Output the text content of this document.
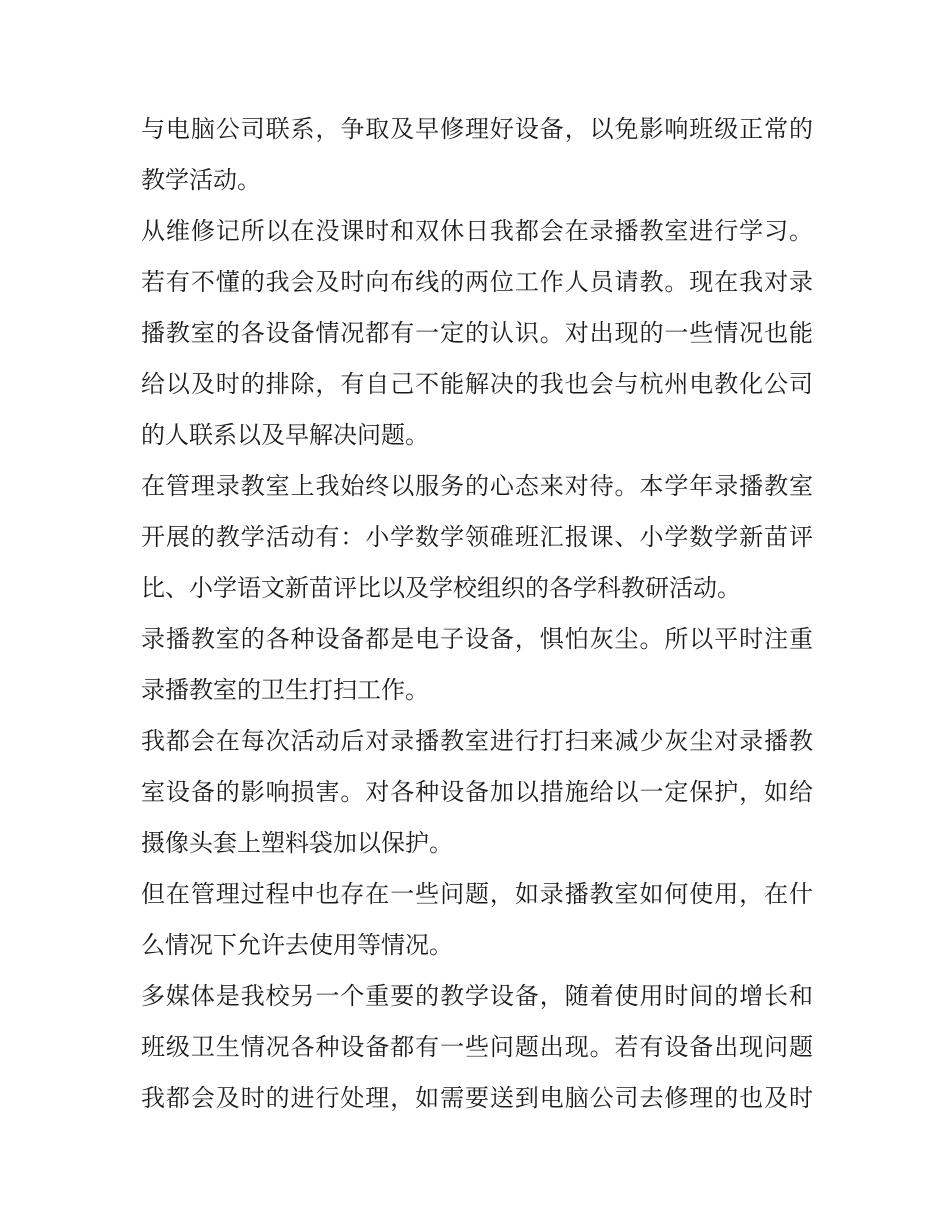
与电脑公司联系，争取及早修理好设备，以免影响班级正常的
教学活动。
从维修记所以在没课时和双休日我都会在录播教室进行学习。
若有不懂的我会及时向布线的两位工作人员请教。现在我对录
播教室的各设备情况都有一定的认识。对出现的一些情况也能
给以及时的排除，有自己不能解决的我也会与杭州电教化公司
的人联系以及早解决问题。
在管理录教室上我始终以服务的心态来对待。本学年录播教室
开展的教学活动有：小学数学领碓班汇报课、小学数学新苗评
比、小学语文新苗评比以及学校组织的各学科教研活动。
录播教室的各种设备都是电子设备，惧怕灰尘。所以平时注重
录播教室的卫生打扫工作。
我都会在每次活动后对录播教室进行打扫来减少灰尘对录播教
室设备的影响损害。对各种设备加以措施给以一定保护，如给
摄像头套上塑料袋加以保护。
但在管理过程中也存在一些问题，如录播教室如何使用，在什
么情况下允许去使用等情况。
多媒体是我校另一个重要的教学设备，随着使用时间的增长和
班级卫生情况各种设备都有一些问题出现。若有设备出现问题
我都会及时的进行处理，如需要送到电脑公司去修理的也及时
